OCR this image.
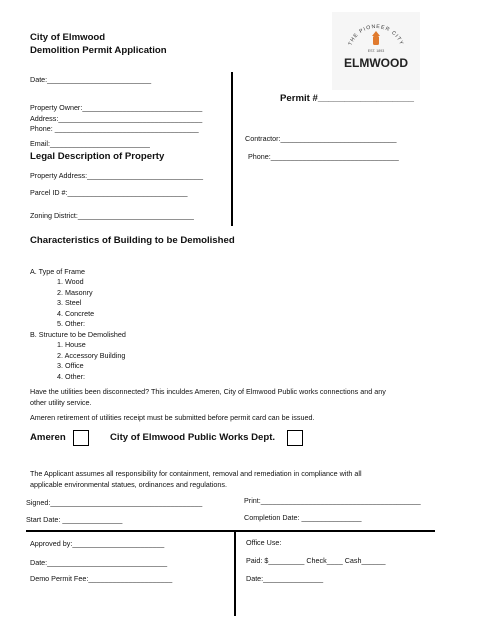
City of Elmwood
Demolition Permit Application
THE PIONEER CITY
EST. 1893
ELMWOOD
Date:__________________________
Property Owner:______________________________
Address:____________________________________
Phone: ____________________________________
Email:_________________________
Permit #__________________
Contractor:_____________________________
Phone:________________________________
Legal Description of Property
Property Address:_____________________________
Parcel ID #:______________________________
Zoning District:_____________________________
Characteristics of Building to be Demolished
A. Type of Frame
1. Wood
2. Masonry
3. Steel
4. Concrete
5. Other:
B. Structure to be Demolished
1. House
2. Accessory Building
3. Office
4. Other:
Have the utilities been disconnected? This inculdes Ameren, City of Elmwood Public works connections and any
other utility service.
Ameren retirement of utilities receipt must be submitted before permit card can be issued.
Ameren	City of Elmwood Public Works Dept.
The Applicant assumes all responsibility for containment, removal and remediation in compliance with all
applicable environmental statues, ordinances and regulations.
Signed:______________________________________	Print:________________________________________
Start Date: _______________	Completion Date: _______________
Approved by:_______________________
Date:______________________________
Demo Permit Fee:_____________________
Office Use:
Paid: $_________ Check____ Cash______
Date:_______________
